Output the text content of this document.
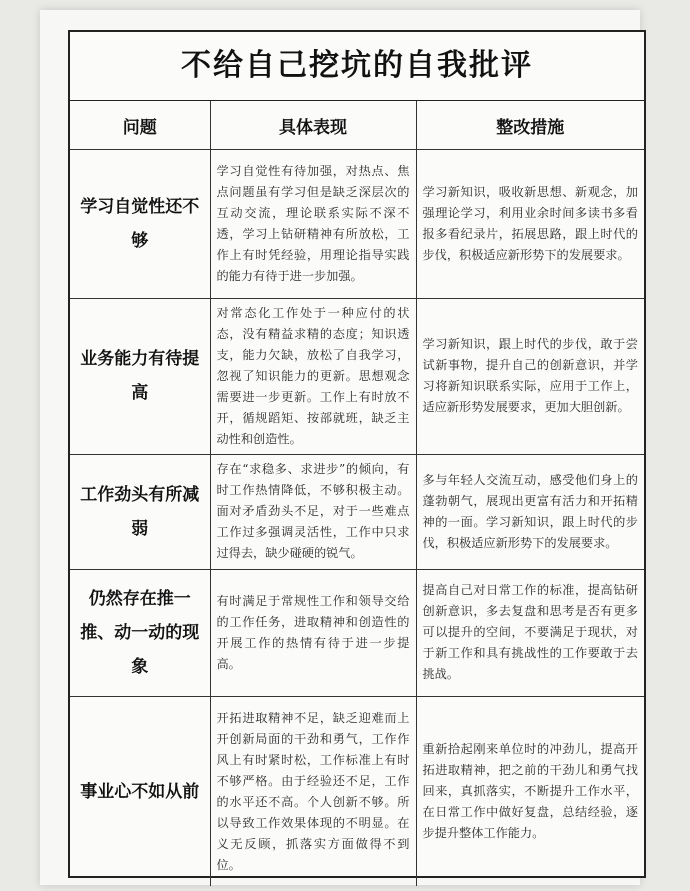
不给自己挖坑的自我批评
问题	具体表现	整改措施
学习自觉性还不够	学习自觉性有待加强，对热点、焦点问题虽有学习但是缺乏深层次的互动交流，理论联系实际不深不透，学习上钻研精神有所放松，工作上有时凭经验，用理论指导实践的能力有待于进一步加强。	学习新知识，吸收新思想、新观念，加强理论学习，利用业余时间多读书多看报多看纪录片，拓展思路，跟上时代的步伐，积极适应新形势下的发展要求。
业务能力有待提高	对常态化工作处于一种应付的状态，没有精益求精的态度；知识透支，能力欠缺，放松了自我学习，忽视了知识能力的更新。思想观念需要进一步更新。工作上有时放不开，循规蹈矩、按部就班，缺乏主动性和创造性。	学习新知识，跟上时代的步伐，敢于尝试新事物，提升自己的创新意识，并学习将新知识联系实际，应用于工作上，适应新形势发展要求，更加大胆创新。
工作劲头有所减弱	存在“求稳多、求进步”的倾向，有时工作热情降低，不够积极主动。面对矛盾劲头不足，对于一些难点工作过多强调灵活性，工作中只求过得去，缺少碰硬的锐气。	多与年轻人交流互动，感受他们身上的蓬勃朝气，展现出更富有活力和开拓精神的一面。学习新知识，跟上时代的步伐，积极适应新形势下的发展要求。
仍然存在推一推、动一动的现象	有时满足于常规性工作和领导交给的工作任务，进取精神和创造性的开展工作的热情有待于进一步提高。	提高自己对日常工作的标准，提高钻研创新意识，多去复盘和思考是否有更多可以提升的空间，不要满足于现状，对于新工作和具有挑战性的工作要敢于去挑战。
事业心不如从前	开拓进取精神不足，缺乏迎难而上开创新局面的干劲和勇气，工作作风上有时紧时松，工作标准上有时不够严格。由于经验还不足，工作的水平还不高。个人创新不够。所以导致工作效果体现的不明显。在义无反顾，抓落实方面做得不到位。	重新拾起刚来单位时的冲劲儿，提高开拓进取精神，把之前的干劲儿和勇气找回来，真抓落实，不断提升工作水平，在日常工作中做好复盘，总结经验，逐步提升整体工作能力。
